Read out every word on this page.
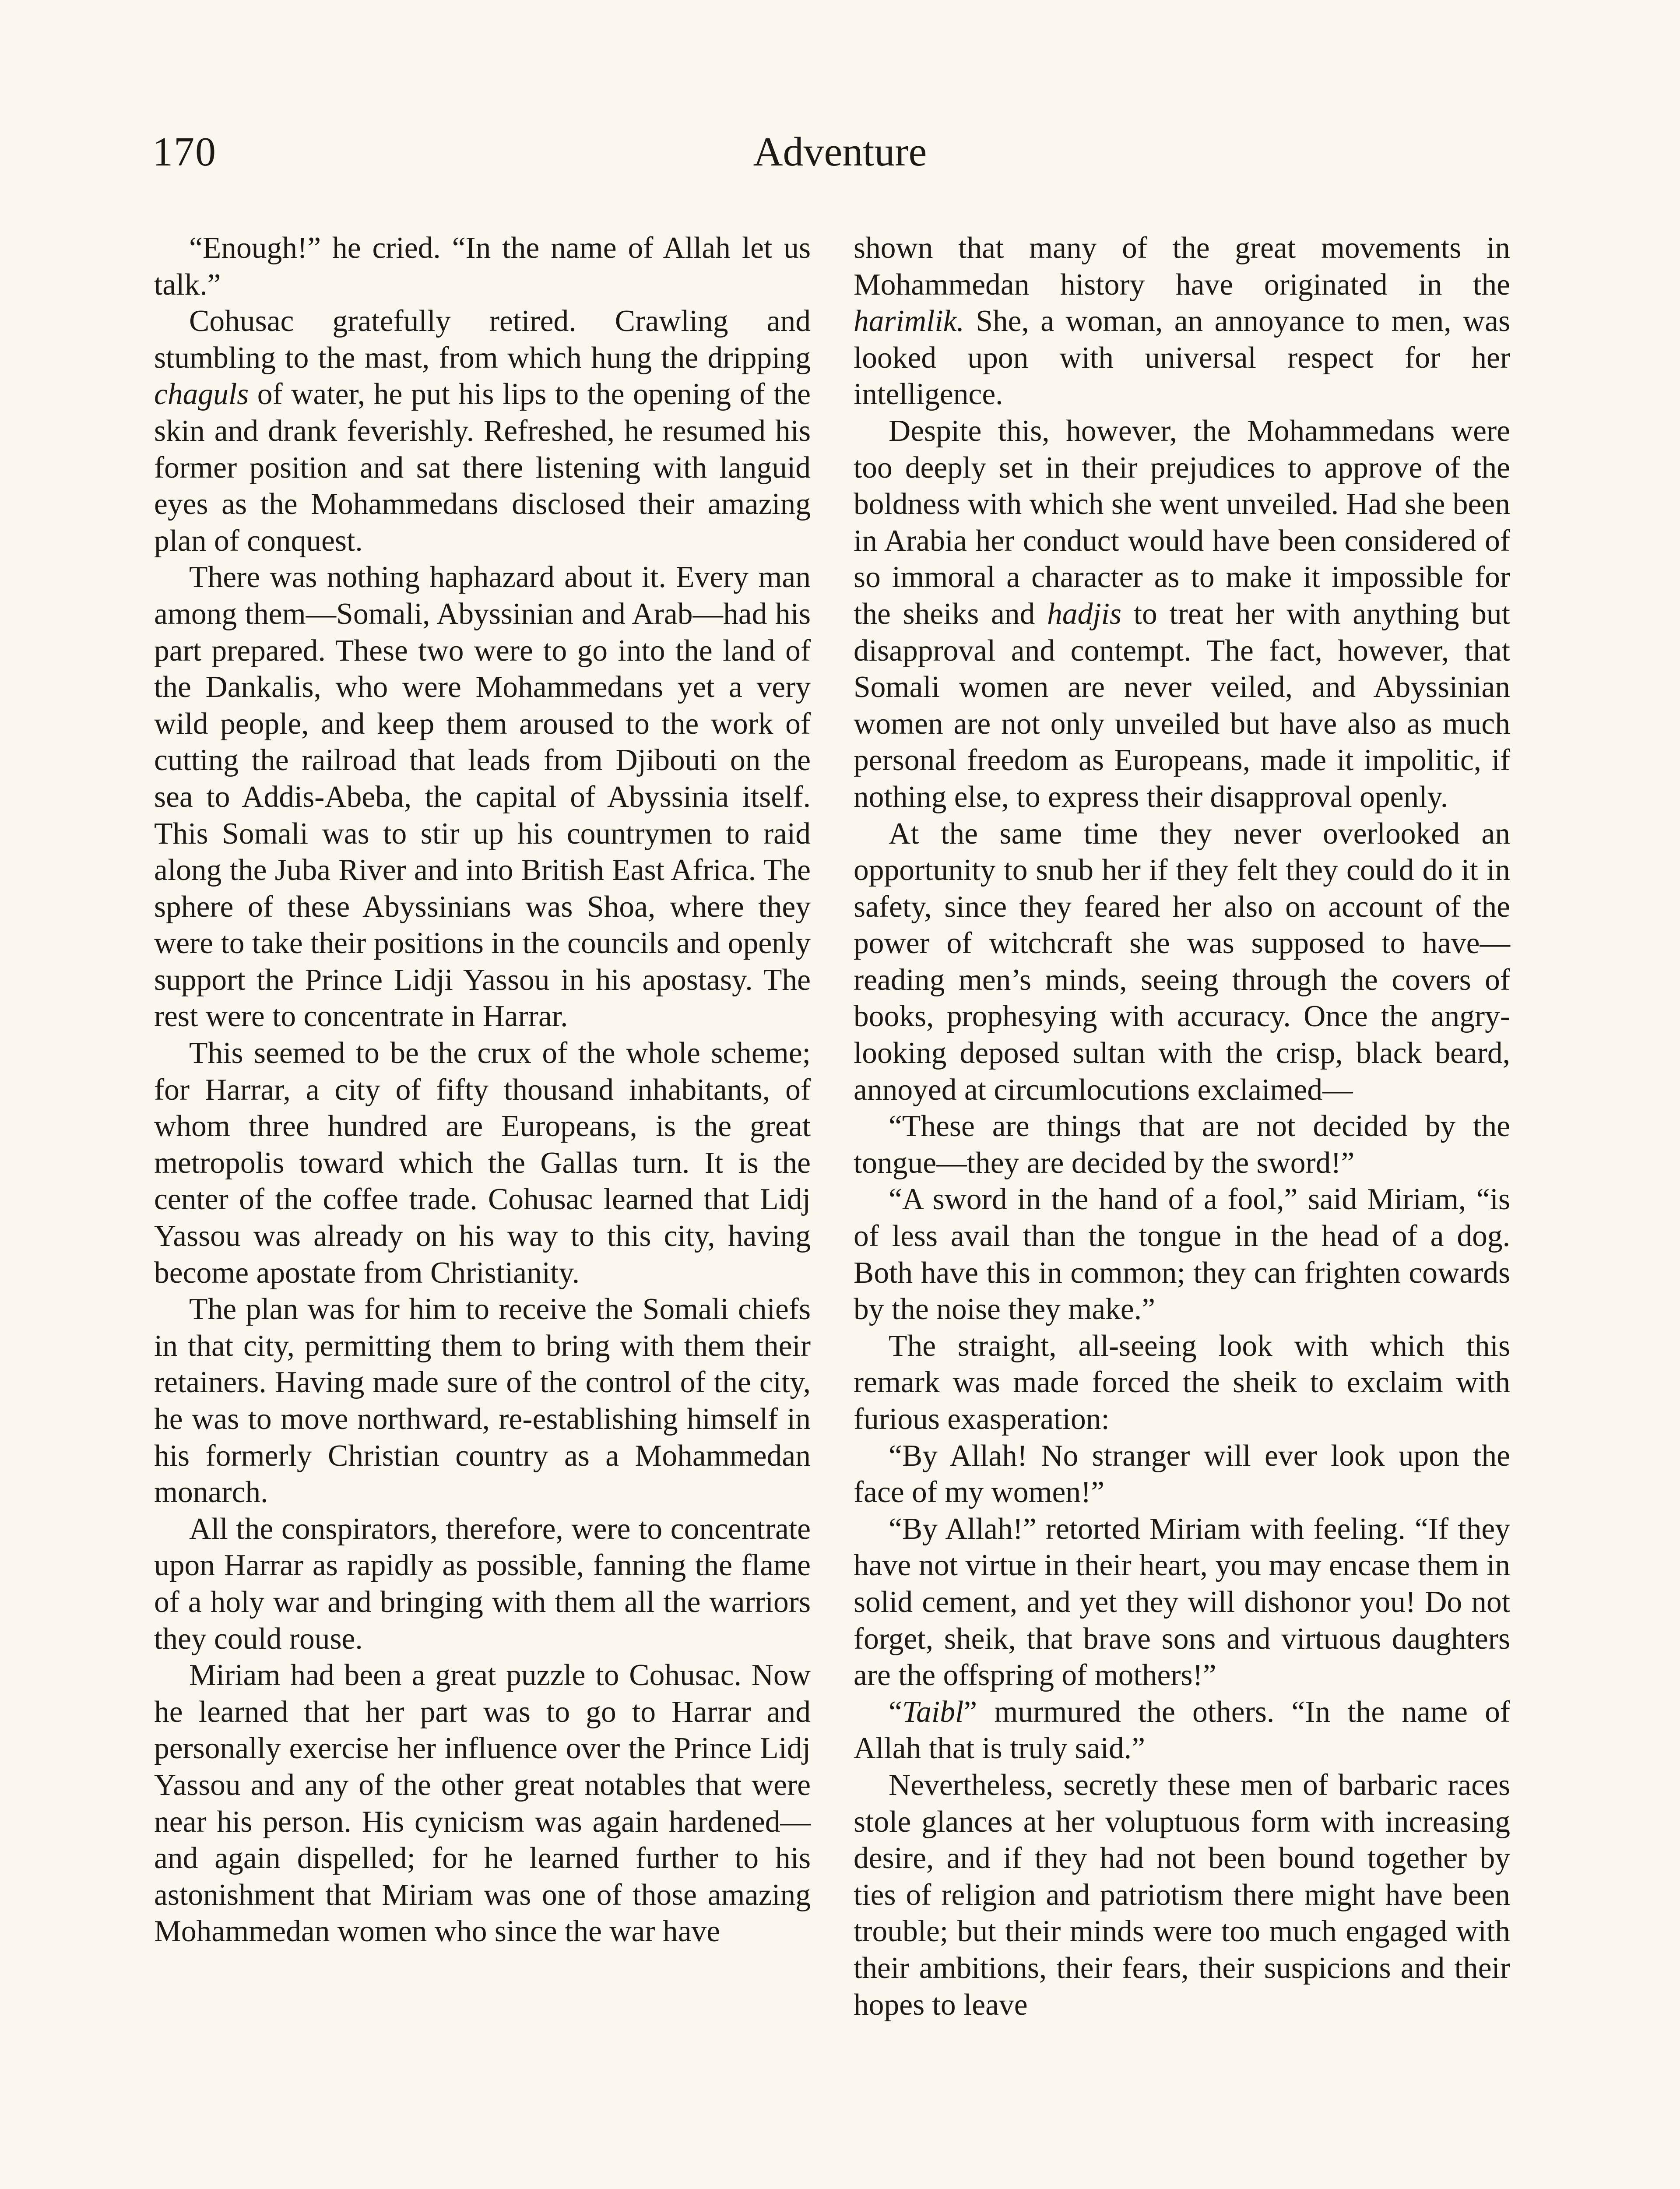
170	Adventure

“Enough!” he cried. “In the name of Allah let us talk.”

Cohusac gratefully retired. Crawling and stumbling to the mast, from which hung the dripping chaguls of water, he put his lips to the opening of the skin and drank feverishly. Refreshed, he resumed his former position and sat there listening with languid eyes as the Mohammedans disclosed their amazing plan of conquest.

There was nothing haphazard about it. Every man among them—Somali, Abyssinian and Arab—had his part prepared. These two were to go into the land of the Dankalis, who were Mohammedans yet a very wild people, and keep them aroused to the work of cutting the railroad that leads from Djibouti on the sea to Addis-Abeba, the capital of Abyssinia itself. This Somali was to stir up his countrymen to raid along the Juba River and into British East Africa. The sphere of these Abyssinians was Shoa, where they were to take their positions in the councils and openly support the Prince Lidji Yassou in his apostasy. The rest were to concentrate in Harrar.

This seemed to be the crux of the whole scheme; for Harrar, a city of fifty thousand inhabitants, of whom three hundred are Europeans, is the great metropolis toward which the Gallas turn. It is the center of the coffee trade. Cohusac learned that Lidj Yassou was already on his way to this city, having become apostate from Christianity.

The plan was for him to receive the Somali chiefs in that city, permitting them to bring with them their retainers. Having made sure of the control of the city, he was to move northward, re-establishing himself in his formerly Christian country as a Mohammedan monarch.

All the conspirators, therefore, were to concentrate upon Harrar as rapidly as possible, fanning the flame of a holy war and bringing with them all the warriors they could rouse.

Miriam had been a great puzzle to Cohusac. Now he learned that her part was to go to Harrar and personally exercise her influence over the Prince Lidj Yassou and any of the other great notables that were near his person. His cynicism was again hardened—and again dispelled; for he learned further to his astonishment that Miriam was one of those amazing Mohammedan women who since the war have

shown that many of the great movements in Mohammedan history have originated in the harimlik. She, a woman, an annoyance to men, was looked upon with universal respect for her intelligence.

Despite this, however, the Mohammedans were too deeply set in their prejudices to approve of the boldness with which she went unveiled. Had she been in Arabia her conduct would have been considered of so immoral a character as to make it impossible for the sheiks and hadjis to treat her with anything but disapproval and contempt. The fact, however, that Somali women are never veiled, and Abyssinian women are not only unveiled but have also as much personal freedom as Europeans, made it impolitic, if nothing else, to express their disapproval openly.

At the same time they never overlooked an opportunity to snub her if they felt they could do it in safety, since they feared her also on account of the power of witchcraft she was supposed to have—reading men’s minds, seeing through the covers of books, prophesying with accuracy. Once the angry-looking deposed sultan with the crisp, black beard, annoyed at circumlocutions exclaimed—

“These are things that are not decided by the tongue—they are decided by the sword!”

“A sword in the hand of a fool,” said Miriam, “is of less avail than the tongue in the head of a dog. Both have this in common; they can frighten cowards by the noise they make.”

The straight, all-seeing look with which this remark was made forced the sheik to exclaim with furious exasperation:

“By Allah! No stranger will ever look upon the face of my women!”

“By Allah!” retorted Miriam with feeling. “If they have not virtue in their heart, you may encase them in solid cement, and yet they will dishonor you! Do not forget, sheik, that brave sons and virtuous daughters are the offspring of mothers!”

“Taibl” murmured the others. “In the name of Allah that is truly said.”

Nevertheless, secretly these men of barbaric races stole glances at her voluptuous form with increasing desire, and if they had not been bound together by ties of religion and patriotism there might have been trouble; but their minds were too much engaged with their ambitions, their fears, their suspicions and their hopes to leave
